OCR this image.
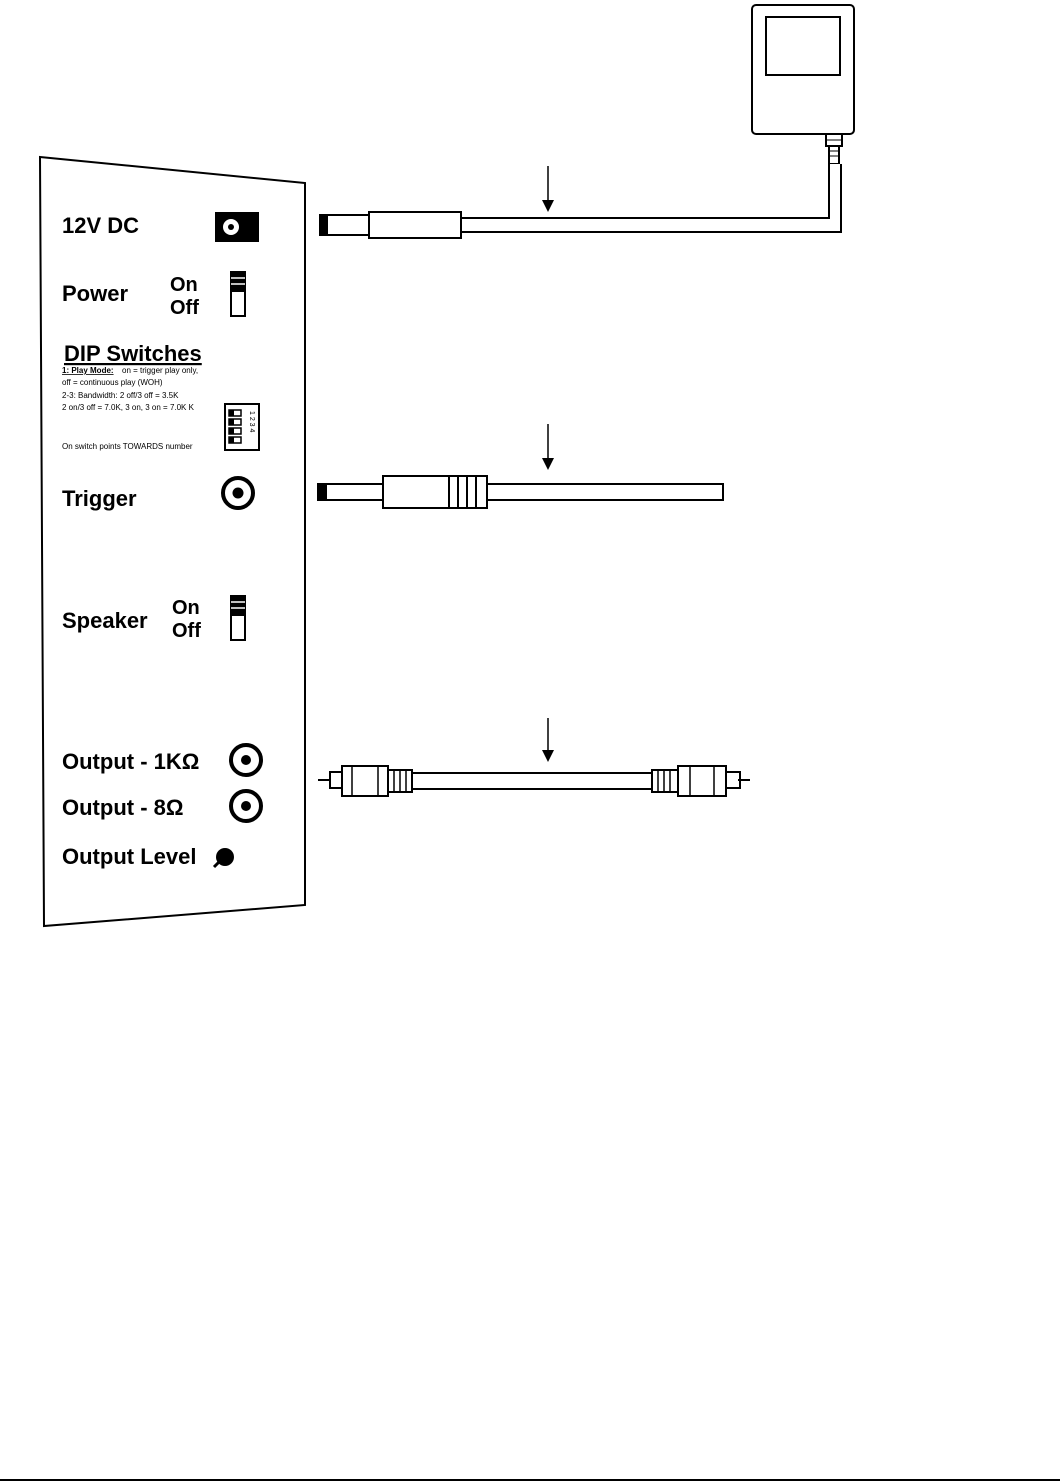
12V DC
Power On
Off
DIP Switches
1: Play Mode: on = trigger play only,
off = continuous play (WOH)
2-3: Bandwidth: 2 off/3 off = 3.5K
2 on/3 off = 7.0K, 3 on, 3 on = 7.0K K
On switch points TOWARDS number
1 2 3 4
Trigger
Speaker On
Off
Output - 1KΩ
Output - 8Ω
Output Level
